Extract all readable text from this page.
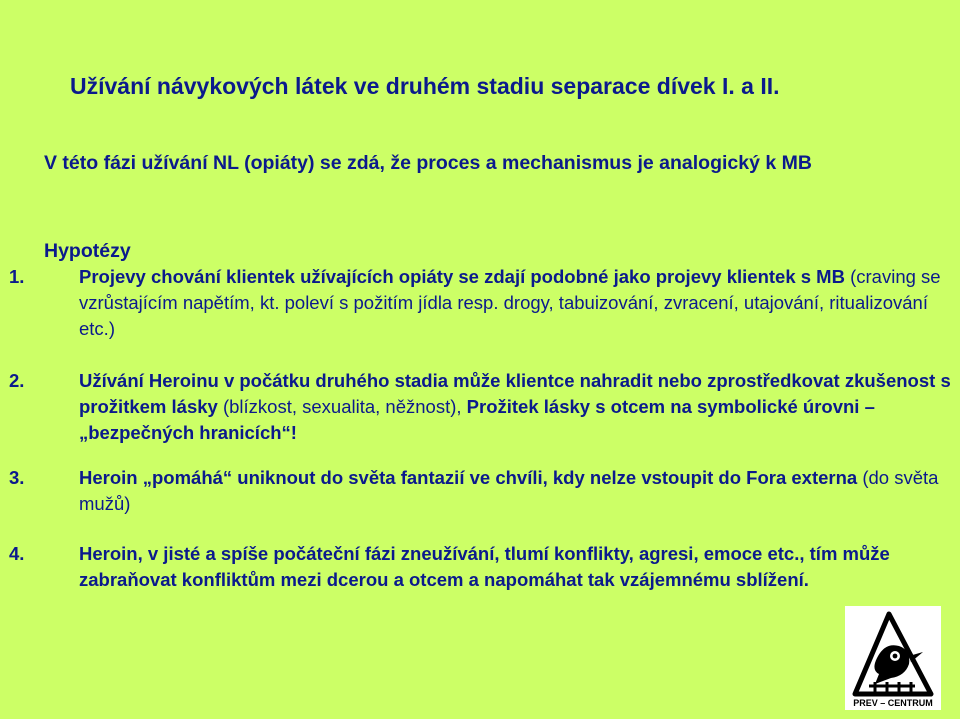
Užívání návykových látek ve druhém stadiu separace dívek I. a II.

V této fázi užívání NL (opiáty) se zdá, že proces a mechanismus je analogický k MB

Hypotézy

1.	Projevy chování klientek užívajících opiáty se zdají podobné jako projevy klientek s MB (craving se vzrůstajícím napětím, kt. poleví s požitím jídla resp. drogy, tabuizování, zvracení, utajování, ritualizování etc.)

2.	Užívání Heroinu v počátku druhého stadia může klientce nahradit nebo zprostředkovat zkušenost s prožitkem lásky (blízkost, sexualita, něžnost), Prožitek lásky s otcem na symbolické úrovni – „bezpečných hranicích“!

3.	Heroin „pomáhá“ uniknout do světa fantazií ve chvíli, kdy nelze vstoupit do Fora externa (do světa mužů)

4.	Heroin, v jisté a spíše počáteční fázi zneužívání, tlumí konflikty, agresi, emoce etc., tím může zabraňovat konfliktům mezi dcerou a otcem a napomáhat tak vzájemnému sblížení.

PREV – CENTRUM
